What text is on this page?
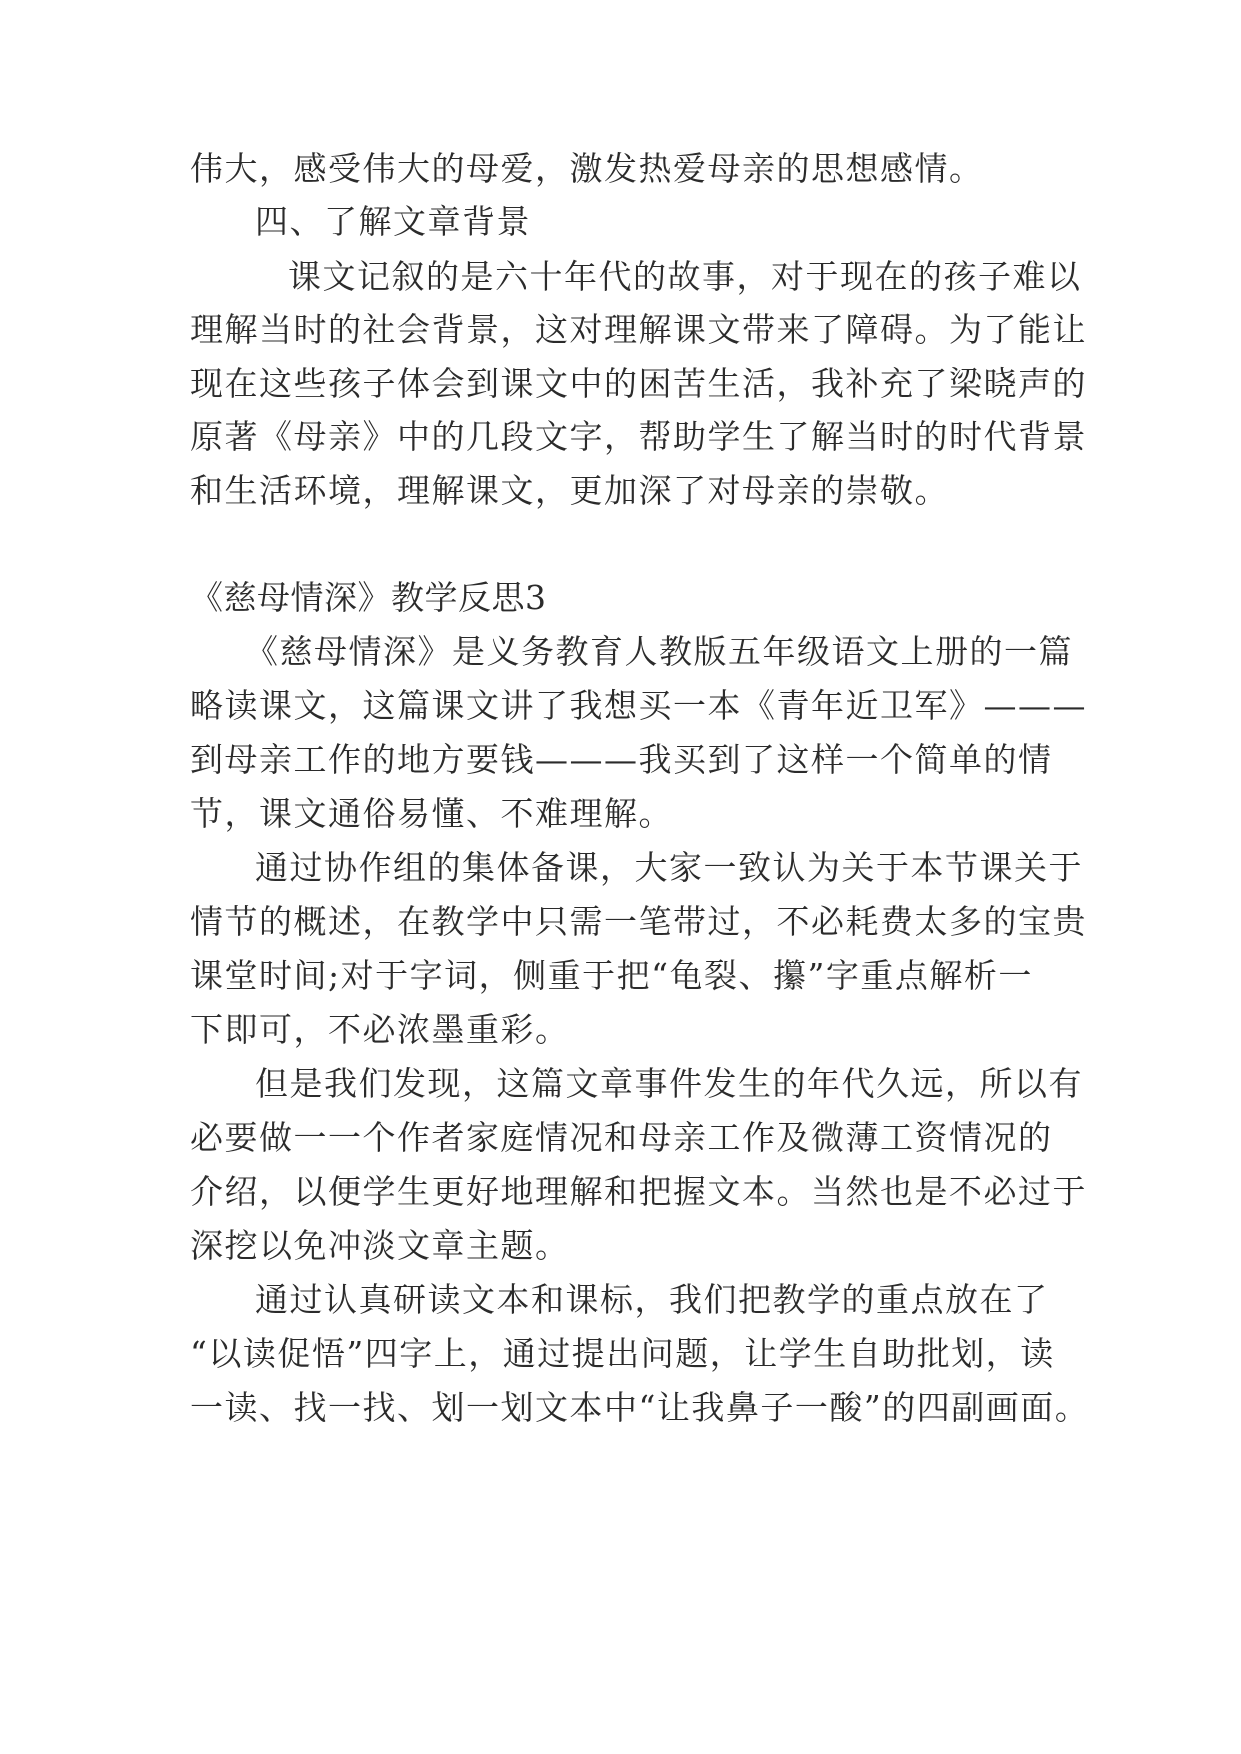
伟大，感受伟大的母爱，激发热爱母亲的思想感情。
四、了解文章背景
课文记叙的是六十年代的故事，对于现在的孩子难以
理解当时的社会背景，这对理解课文带来了障碍。为了能让
现在这些孩子体会到课文中的困苦生活，我补充了梁晓声的
原著《母亲》中的几段文字，帮助学生了解当时的时代背景
和生活环境，理解课文，更加深了对母亲的崇敬。
《慈母情深》教学反思3
《慈母情深》是义务教育人教版五年级语文上册的一篇
略读课文，这篇课文讲了我想买一本《青年近卫军》———
到母亲工作的地方要钱———我买到了这样一个简单的情
节，课文通俗易懂、不难理解。
通过协作组的集体备课，大家一致认为关于本节课关于
情节的概述，在教学中只需一笔带过，不必耗费太多的宝贵
课堂时间;对于字词，侧重于把“龟裂、攥”字重点解析一
下即可，不必浓墨重彩。
但是我们发现，这篇文章事件发生的年代久远，所以有
必要做一一个作者家庭情况和母亲工作及微薄工资情况的
介绍，以便学生更好地理解和把握文本。当然也是不必过于
深挖以免冲淡文章主题。
通过认真研读文本和课标，我们把教学的重点放在了
“以读促悟”四字上，通过提出问题，让学生自助批划，读
一读、找一找、划一划文本中“让我鼻子一酸”的四副画面。
